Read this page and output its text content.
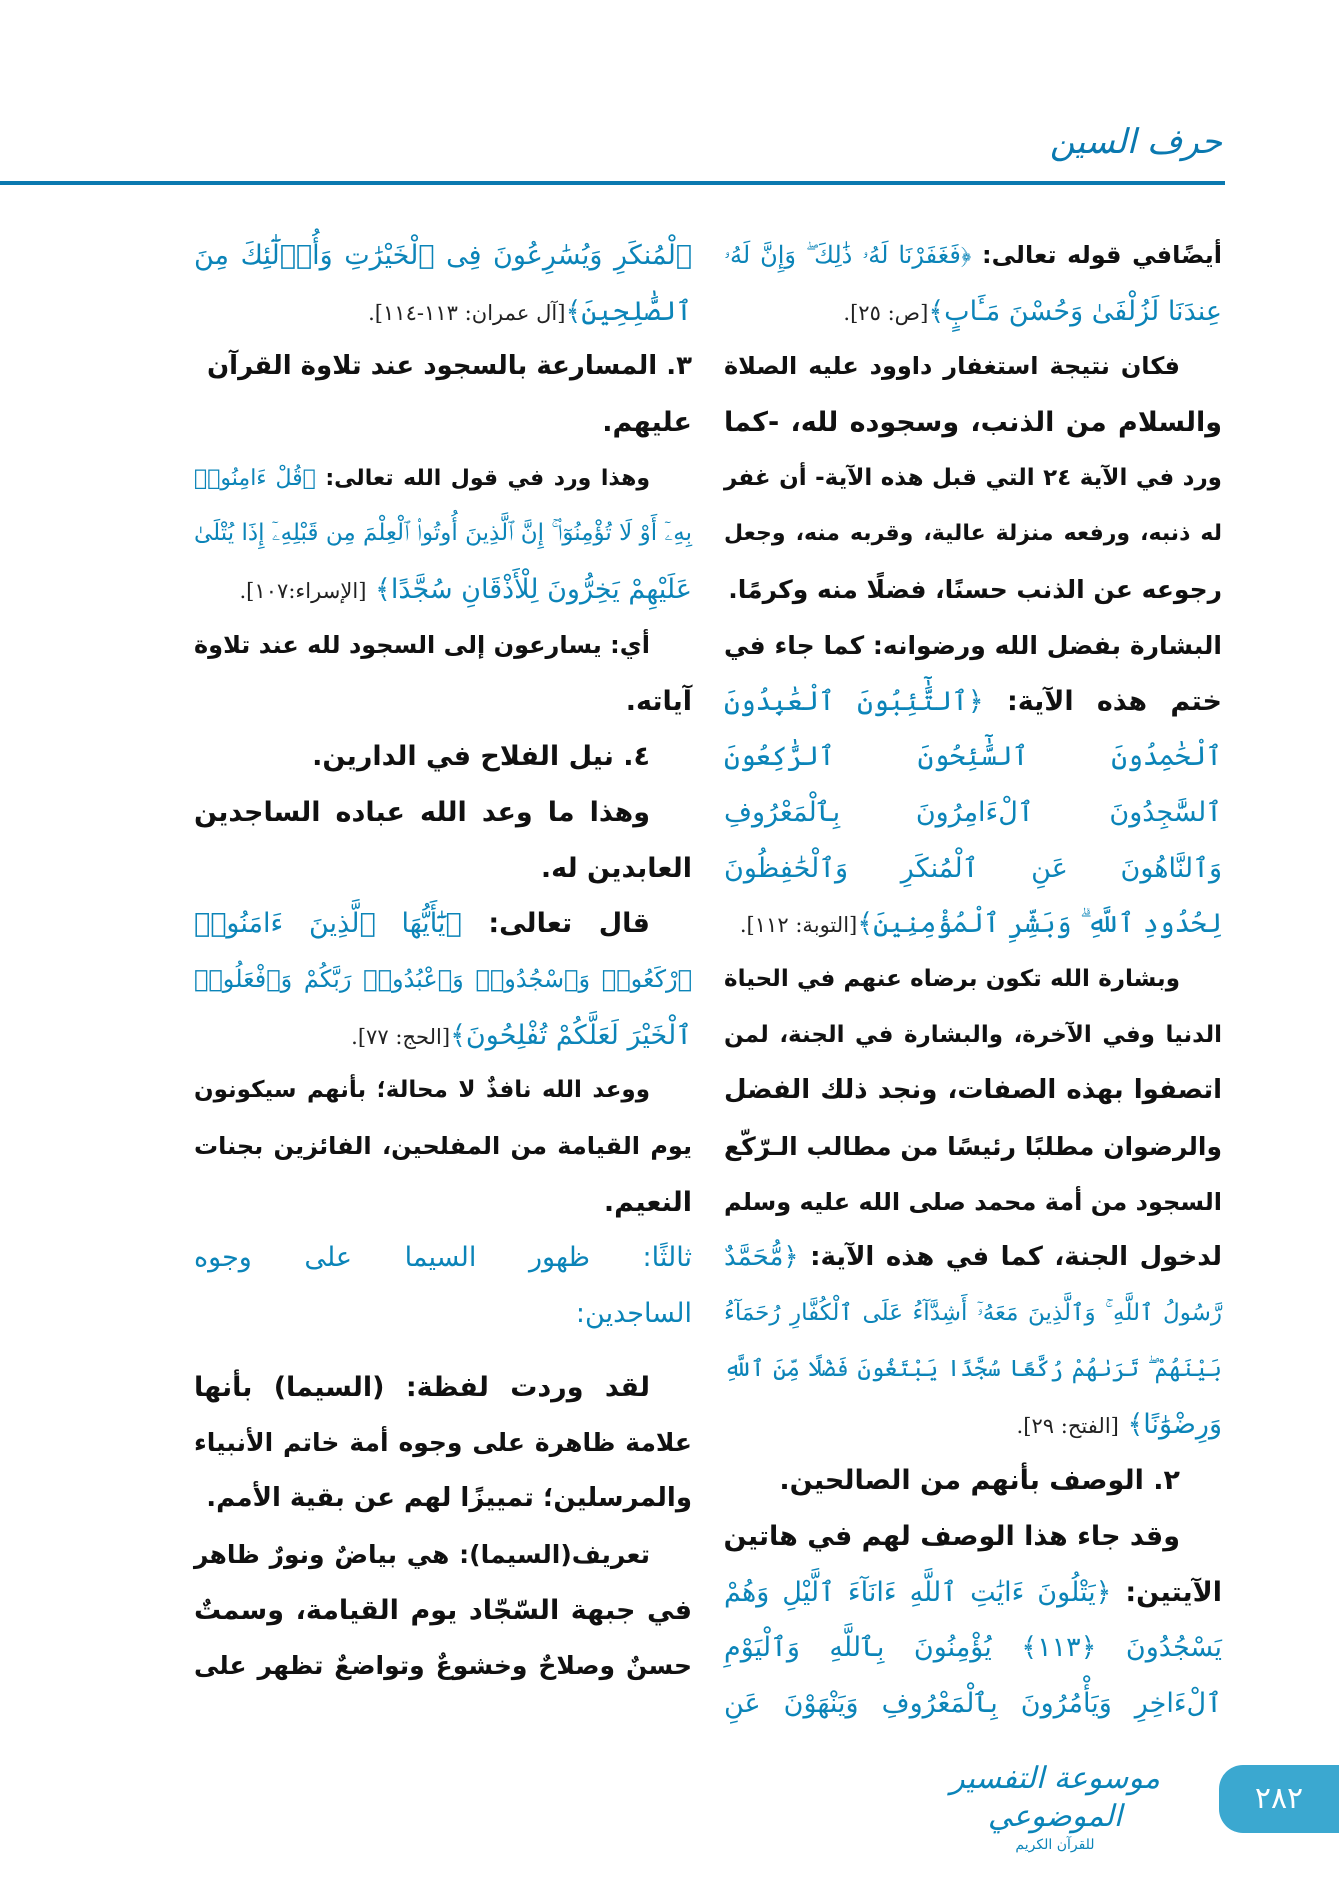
حرف السين
أيضًافي قوله تعالى: ﴿فَغَفَرْنَا لَهُۥ ذَٰلِكَ ۖ وَإِنَّ لَهُۥ
عِندَنَا لَزُلْفَىٰ وَحُسْنَ مَـَٔابٍ﴾[ص: ٢٥].
فكان نتيجة استغفار داوود عليه الصلاة
والسلام من الذنب، وسجوده لله، -كما
ورد في الآية ٢٤ التي قبل هذه الآية- أن غفر
له ذنبه، ورفعه منزلة عالية، وقربه منه، وجعل
رجوعه عن الذنب حسنًا، فضلًا منه وكرمًا.
البشارة بفضل الله ورضوانه: كما جاء في
ختم هذه الآية: ﴿ٱلتَّٰٓئِبُونَ ٱلْعَٰبِدُونَ
ٱلْحَٰمِدُونَ ٱلسَّٰٓئِحُونَ ٱلرَّٰكِعُونَ
ٱلسَّٰجِدُونَ ٱلْءَامِرُونَ بِٱلْمَعْرُوفِ
وَٱلنَّاهُونَ عَنِ ٱلْمُنكَرِ وَٱلْحَٰفِظُونَ
لِحُدُودِ ٱللَّهِ ۗ وَبَشِّرِ ٱلْمُؤْمِنِينَ﴾[التوبة: ١١٢].
وبشارة الله تكون برضاه عنهم في الحياة
الدنيا وفي الآخرة، والبشارة في الجنة، لمن
اتصفوا بهذه الصفات، ونجد ذلك الفضل
والرضوان مطلبًا رئيسًا من مطالب الـرّكّع
السجود من أمة محمد صلى الله عليه وسلم
لدخول الجنة، كما في هذه الآية: ﴿مُّحَمَّدٌ
رَّسُولُ ٱللَّهِ ۚ وَٱلَّذِينَ مَعَهُۥٓ أَشِدَّآءُ عَلَى ٱلْكُفَّارِ رُحَمَآءُ
بَيْنَهُمْ ۖ تَرَىٰهُمْ رُكَّعًا سُجَّدًا يَبْتَغُونَ فَضْلًا مِّنَ ٱللَّهِ
وَرِضْوَٰنًا﴾ [الفتح: ٢٩].
٢. الوصف بأنهم من الصالحين.
وقد جاء هذا الوصف لهم في هاتين
الآيتين: ﴿يَتْلُونَ ءَايَٰتِ ٱللَّهِ ءَانَآءَ ٱلَّيْلِ وَهُمْ
يَسْجُدُونَ ﴿١١٣﴾ يُؤْمِنُونَ بِٱللَّهِ وَٱلْيَوْمِ
ٱلْءَاخِرِ وَيَأْمُرُونَ بِٱلْمَعْرُوفِ وَيَنْهَوْنَ عَنِ
ٱلْمُنكَرِ وَيُسَٰرِعُونَ فِى ٱلْخَيْرَٰتِ وَأُو۟لَٰٓئِكَ مِنَ
ٱلصَّٰلِحِينَ﴾[آل عمران: ١١٣-١١٤].
٣. المسارعة بالسجود عند تلاوة القرآن
عليهم.
وهذا ورد في قول الله تعالى: ﴿قُلْ ءَامِنُوا۟
بِهِۦٓ أَوْ لَا تُؤْمِنُوٓا۟ ۚ إِنَّ ٱلَّذِينَ أُوتُوا۟ ٱلْعِلْمَ مِن قَبْلِهِۦٓ إِذَا يُتْلَىٰ
عَلَيْهِمْ يَخِرُّونَ لِلْأَذْقَانِ سُجَّدًا﴾ [الإسراء:١٠٧].
أي: يسارعون إلى السجود لله عند تلاوة
آياته.
٤. نيل الفلاح في الدارين.
وهذا ما وعد الله عباده الساجدين
العابدين له.
قال تعالى: ﴿يَٰٓأَيُّهَا ٱلَّذِينَ ءَامَنُوا۟
ٱرْكَعُوا۟ وَٱسْجُدُوا۟ وَٱعْبُدُوا۟ رَبَّكُمْ وَٱفْعَلُوا۟
ٱلْخَيْرَ لَعَلَّكُمْ تُفْلِحُونَ﴾[الحج: ٧٧].
ووعد الله نافذٌ لا محالة؛ بأنهم سيكونون
يوم القيامة من المفلحين، الفائزين بجنات
النعيم.
ثالثًا: ظهور السيما على وجوه
الساجدين:
لقد وردت لفظة: (السيما) بأنها
علامة ظاهرة على وجوه أمة خاتم الأنبياء
والمرسلين؛ تمييزًا لهم عن بقية الأمم.
تعريف(السيما): هي بياضٌ ونورٌ ظاهر
في جبهة السّجّاد يوم القيامة، وسمتٌ
حسنٌ وصلاحٌ وخشوعٌ وتواضعٌ تظهر على
موسوعة التفسير الموضوعي
للقرآن الكريم
٢٨٢
